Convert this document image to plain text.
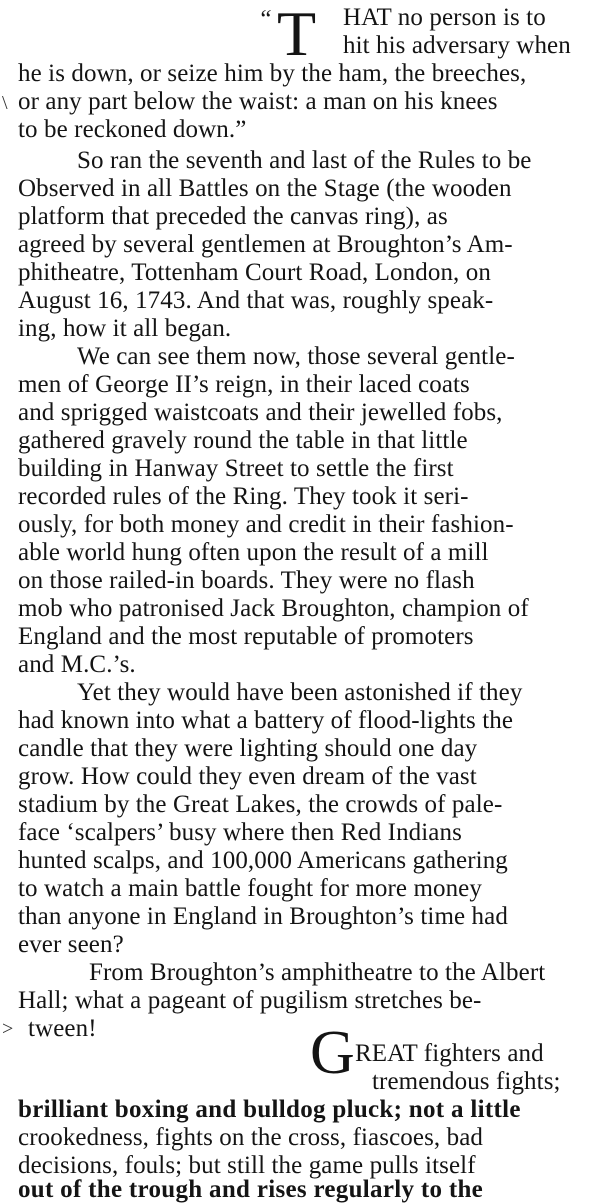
“ T HAT no person is to
hit his adversary when
he is down, or seize him by the ham, the breeches,
or any part below the waist: a man on his knees
to be reckoned down.”
\
So ran the seventh and last of the Rules to be
Observed in all Battles on the Stage (the wooden
platform that preceded the canvas ring), as
agreed by several gentlemen at Broughton’s Am-
phitheatre, Tottenham Court Road, London, on
August 16, 1743. And that was, roughly speak-
ing, how it all began.
We can see them now, those several gentle-
men of George II’s reign, in their laced coats
and sprigged waistcoats and their jewelled fobs,
gathered gravely round the table in that little
building in Hanway Street to settle the first
recorded rules of the Ring. They took it seri-
ously, for both money and credit in their fashion-
able world hung often upon the result of a mill
on those railed-in boards. They were no flash
mob who patronised Jack Broughton, champion of
England and the most reputable of promoters
and M.C.’s.
Yet they would have been astonished if they
had known into what a battery of flood-lights the
candle that they were lighting should one day
grow. How could they even dream of the vast
stadium by the Great Lakes, the crowds of pale-
face ‘scalpers’ busy where then Red Indians
hunted scalps, and 100,000 Americans gathering
to watch a main battle fought for more money
than anyone in England in Broughton’s time had
ever seen?
From Broughton’s amphitheatre to the Albert
Hall; what a pageant of pugilism stretches be-
tween!
>	G REAT fighters and
tremendous fights;
brilliant boxing and bulldog pluck; not a little
crookedness, fights on the cross, fiascoes, bad
decisions, fouls; but still the game pulls itself
out of the trough and rises regularly to the
